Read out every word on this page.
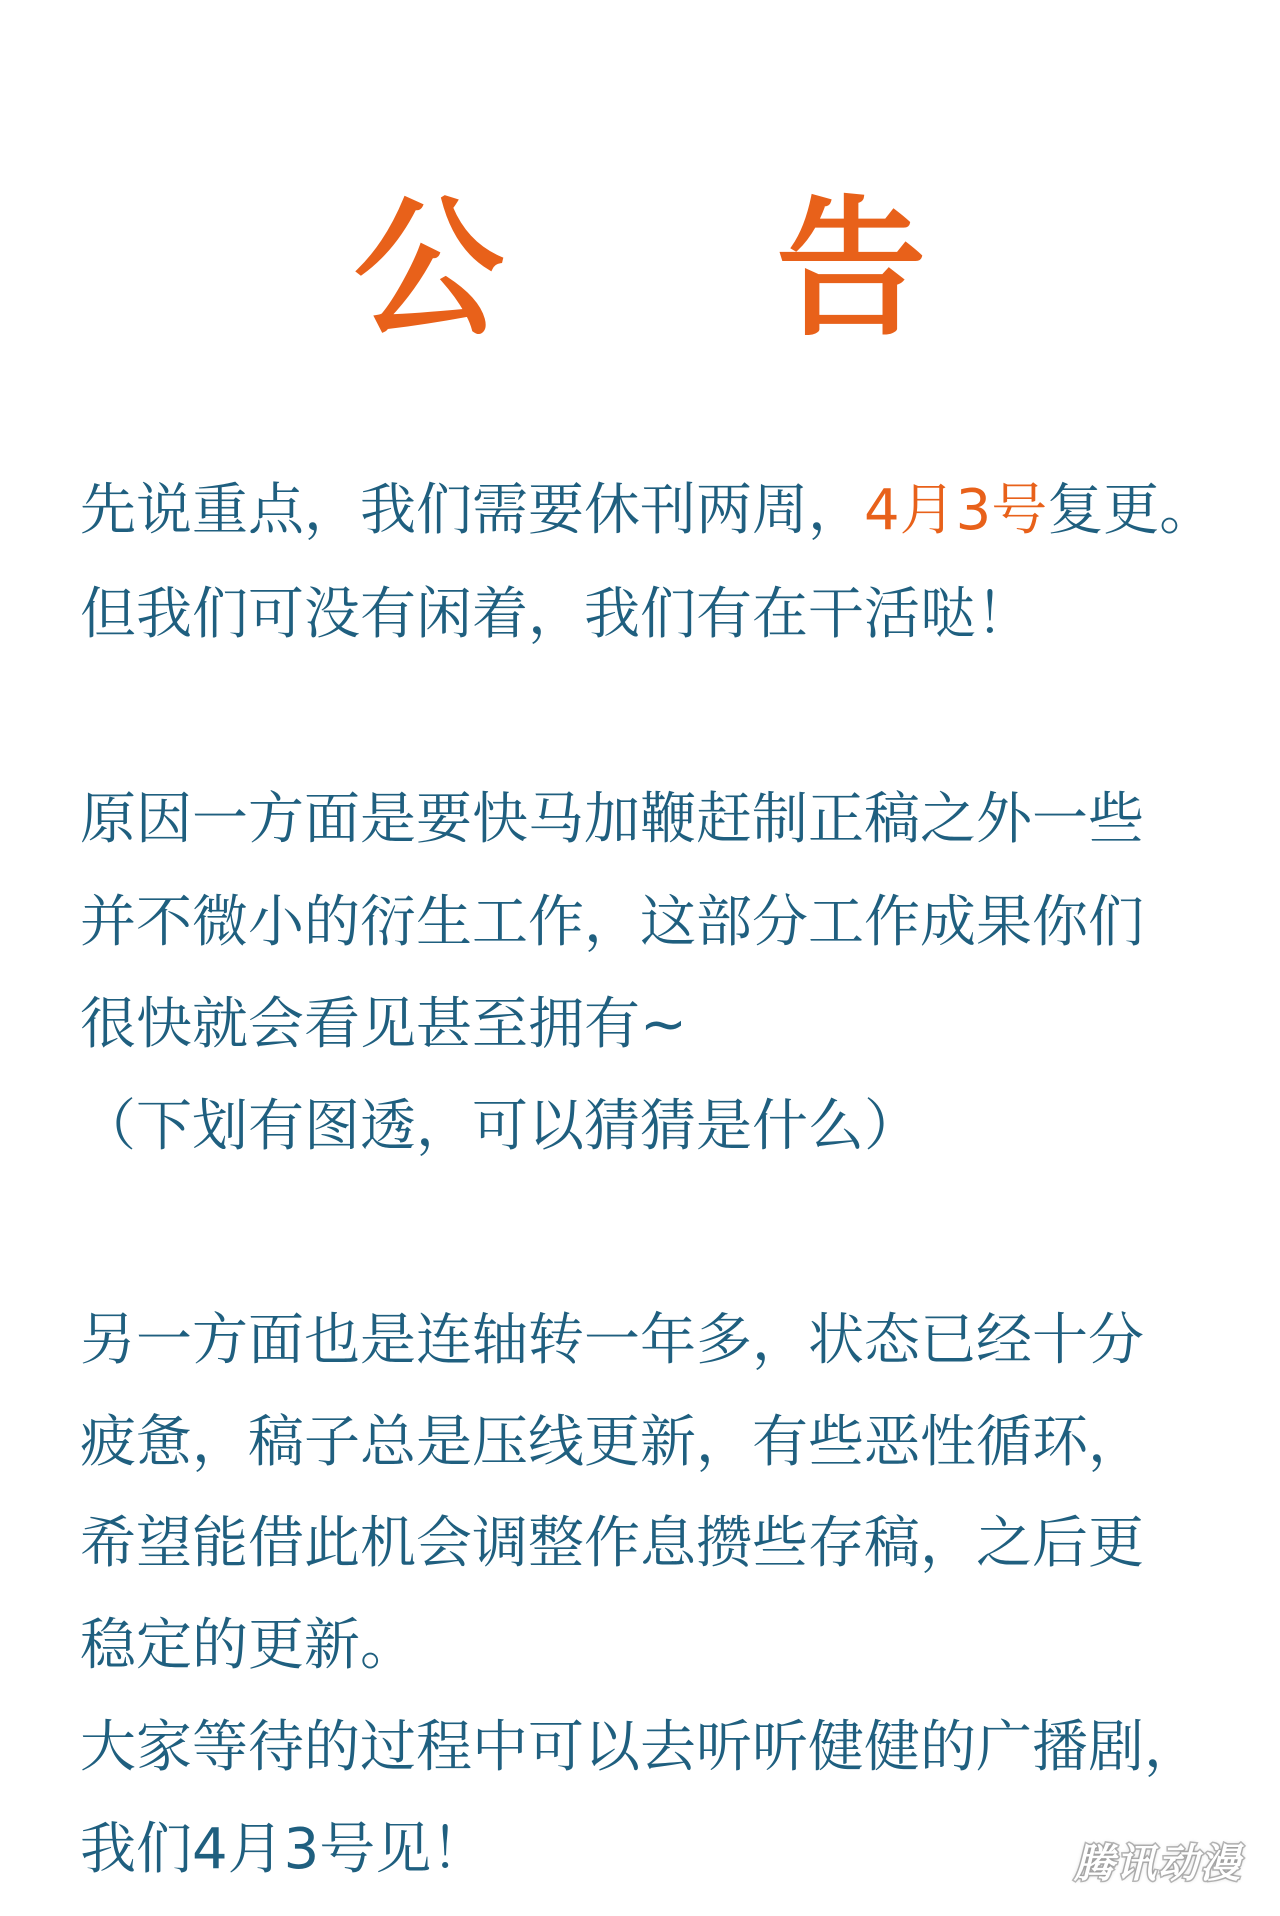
公 告
先说重点，我们需要休刊两周，4月3号复更。
但我们可没有闲着，我们有在干活哒！
原因一方面是要快马加鞭赶制正稿之外一些
并不微小的衍生工作，这部分工作成果你们
很快就会看见甚至拥有~
（下划有图透，可以猜猜是什么）
另一方面也是连轴转一年多，状态已经十分
疲惫，稿子总是压线更新，有些恶性循环，
希望能借此机会调整作息攒些存稿，之后更
稳定的更新。
大家等待的过程中可以去听听健健的广播剧，
我们4月3号见！	腾讯动漫
